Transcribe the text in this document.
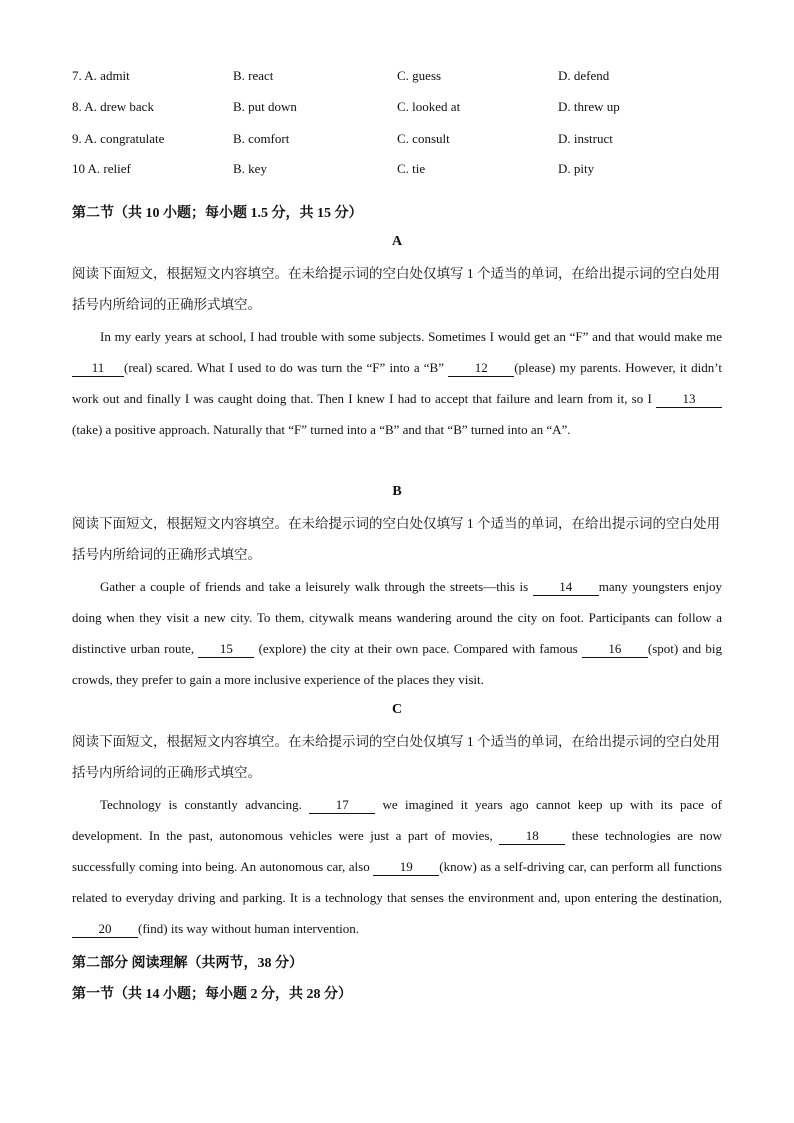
7. A. admit	B. react	C. guess	D. defend
8. A. drew back	B. put down	C. looked at	D. threw up
9. A. congratulate	B. comfort	C. consult	D. instruct
10 A. relief	B. key	C. tie	D. pity
第二节（共 10 小题；每小题 1.5 分，共 15 分）
A
阅读下面短文，根据短文内容填空。在未给提示词的空白处仅填写 1 个适当的单词，在给出提示词的空白处用括号内所给词的正确形式填空。
In my early years at school, I had trouble with some subjects. Sometimes I would get an “F” and that would make me 11 (real) scared. What I used to do was turn the “F” into a “B” 12 (please) my parents. However, it didn’t work out and finally I was caught doing that. Then I knew I had to accept that failure and learn from it, so I 13(take) a positive approach. Naturally that “F” turned into a “B” and that “B” turned into an “A”.
B
阅读下面短文，根据短文内容填空。在未给提示词的空白处仅填写 1 个适当的单词，在给出提示词的空白处用括号内所给词的正确形式填空。
Gather a couple of friends and take a leisurely walk through the streets—this is 14 many youngsters enjoy doing when they visit a new city. To them, citywalk means wandering around the city on foot. Participants can follow a distinctive urban route, 15 (explore) the city at their own pace. Compared with famous 16 (spot) and big crowds, they prefer to gain a more inclusive experience of the places they visit.
C
阅读下面短文，根据短文内容填空。在未给提示词的空白处仅填写 1 个适当的单词，在给出提示词的空白处用括号内所给词的正确形式填空。
Technology is constantly advancing. 17 we imagined it years ago cannot keep up with its pace of development. In the past, autonomous vehicles were just a part of movies, 18 these technologies are now successfully coming into being. An autonomous car, also 19 (know) as a self-driving car, can perform all functions related to everyday driving and parking. It is a technology that senses the environment and, upon entering the destination, 20 (find) its way without human intervention.
第二部分 阅读理解（共两节，38 分）
第一节（共 14 小题；每小题 2 分，共 28 分）
